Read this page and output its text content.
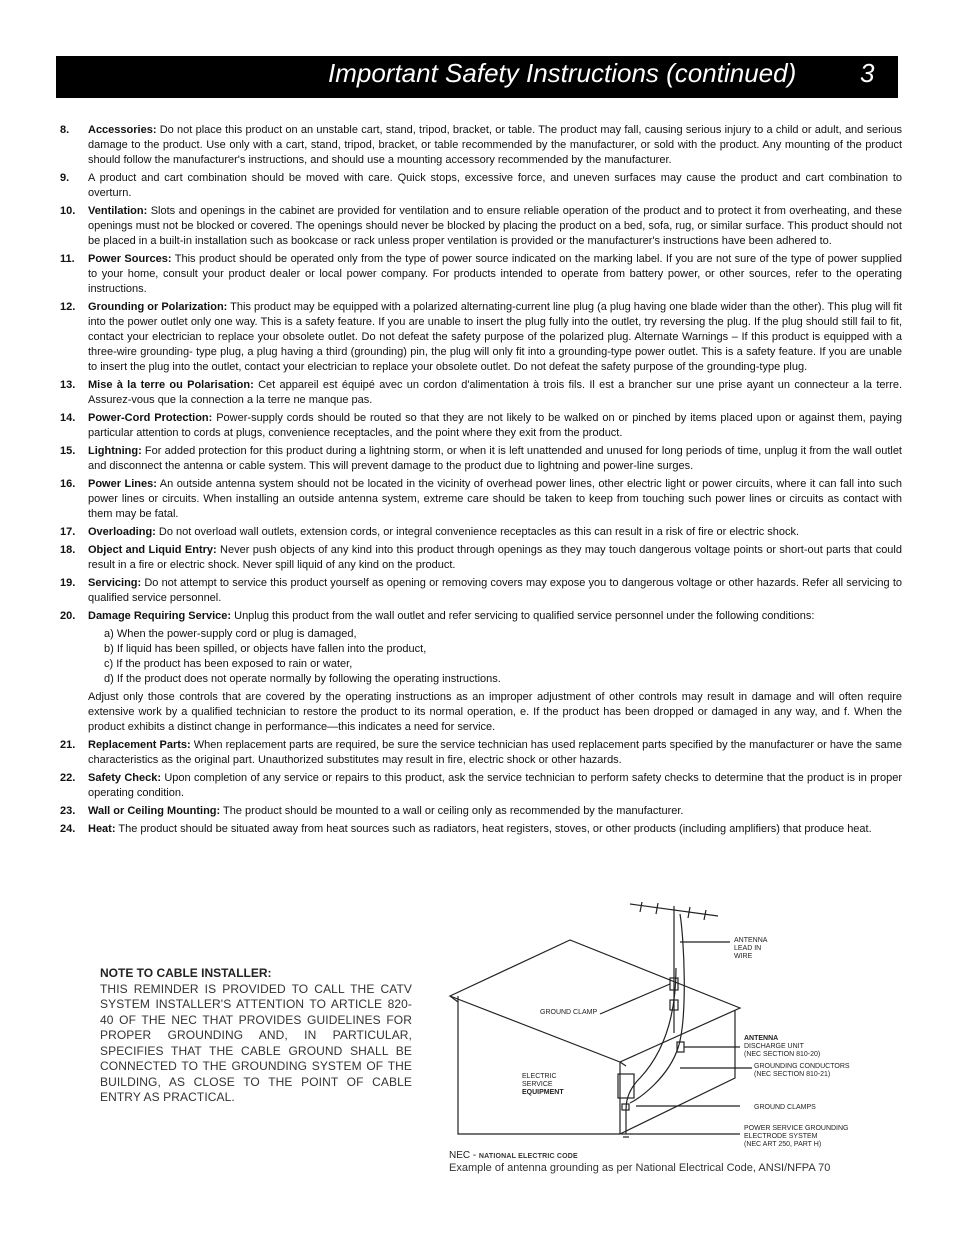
Important Safety Instructions (continued) 3
8. Accessories: Do not place this product on an unstable cart, stand, tripod, bracket, or table. The product may fall, causing serious injury to a child or adult, and serious damage to the product. Use only with a cart, stand, tripod, bracket, or table recommended by the manufacturer, or sold with the product. Any mounting of the product should follow the manufacturer's instructions, and should use a mounting accessory recommended by the manufacturer.
9. A product and cart combination should be moved with care. Quick stops, excessive force, and uneven surfaces may cause the product and cart combination to overturn.
10. Ventilation: Slots and openings in the cabinet are provided for ventilation and to ensure reliable operation of the product and to protect it from overheating, and these openings must not be blocked or covered. The openings should never be blocked by placing the product on a bed, sofa, rug, or similar surface. This product should not be placed in a built-in installation such as bookcase or rack unless proper ventilation is provided or the manufacturer's instructions have been adhered to.
11. Power Sources: This product should be operated only from the type of power source indicated on the marking label. If you are not sure of the type of power supplied to your home, consult your product dealer or local power company. For products intended to operate from battery power, or other sources, refer to the operating instructions.
12. Grounding or Polarization: This product may be equipped with a polarized alternating-current line plug (a plug having one blade wider than the other). This plug will fit into the power outlet only one way. This is a safety feature. If you are unable to insert the plug fully into the outlet, try reversing the plug. If the plug should still fail to fit, contact your electrician to replace your obsolete outlet. Do not defeat the safety purpose of the polarized plug. Alternate Warnings – If this product is equipped with a three-wire grounding- type plug, a plug having a third (grounding) pin, the plug will only fit into a grounding-type power outlet. This is a safety feature. If you are unable to insert the plug into the outlet, contact your electrician to replace your obsolete outlet. Do not defeat the safety purpose of the grounding-type plug.
13. Mise à la terre ou Polarisation: Cet appareil est équipé avec un cordon d'alimentation à trois fils. Il est a brancher sur une prise ayant un connecteur a la terre. Assurez-vous que la connection a la terre ne manque pas.
14. Power-Cord Protection: Power-supply cords should be routed so that they are not likely to be walked on or pinched by items placed upon or against them, paying particular attention to cords at plugs, convenience receptacles, and the point where they exit from the product.
15. Lightning: For added protection for this product during a lightning storm, or when it is left unattended and unused for long periods of time, unplug it from the wall outlet and disconnect the antenna or cable system. This will prevent damage to the product due to lightning and power-line surges.
16. Power Lines: An outside antenna system should not be located in the vicinity of overhead power lines, other electric light or power circuits, where it can fall into such power lines or circuits. When installing an outside antenna system, extreme care should be taken to keep from touching such power lines or circuits as contact with them may be fatal.
17. Overloading: Do not overload wall outlets, extension cords, or integral convenience receptacles as this can result in a risk of fire or electric shock.
18. Object and Liquid Entry: Never push objects of any kind into this product through openings as they may touch dangerous voltage points or short-out parts that could result in a fire or electric shock. Never spill liquid of any kind on the product.
19. Servicing: Do not attempt to service this product yourself as opening or removing covers may expose you to dangerous voltage or other hazards. Refer all servicing to qualified service personnel.
20. Damage Requiring Service: Unplug this product from the wall outlet and refer servicing to qualified service personnel under the following conditions:
a) When the power-supply cord or plug is damaged,
b) If liquid has been spilled, or objects have fallen into the product,
c) If the product has been exposed to rain or water,
d) If the product does not operate normally by following the operating instructions.
Adjust only those controls that are covered by the operating instructions as an improper adjustment of other controls may result in damage and will often require extensive work by a qualified technician to restore the product to its normal operation, e. If the product has been dropped or damaged in any way, and f. When the product exhibits a distinct change in performance—this indicates a need for service.
21. Replacement Parts: When replacement parts are required, be sure the service technician has used replacement parts specified by the manufacturer or have the same characteristics as the original part. Unauthorized substitutes may result in fire, electric shock or other hazards.
22. Safety Check: Upon completion of any service or repairs to this product, ask the service technician to perform safety checks to determine that the product is in proper operating condition.
23. Wall or Ceiling Mounting: The product should be mounted to a wall or ceiling only as recommended by the manufacturer.
24. Heat: The product should be situated away from heat sources such as radiators, heat registers, stoves, or other products (including amplifiers) that produce heat.
NOTE TO CABLE INSTALLER:
THIS REMINDER IS PROVIDED TO CALL THE CATV SYSTEM INSTALLER'S ATTENTION TO ARTICLE 820-40 OF THE NEC THAT PROVIDES GUIDELINES FOR PROPER GROUNDING AND, IN PARTICULAR, SPECIFIES THAT THE CABLE GROUND SHALL BE CONNECTED TO THE GROUNDING SYSTEM OF THE BUILDING, AS CLOSE TO THE POINT OF CABLE ENTRY AS PRACTICAL.
ANTENNA LEAD IN WIRE
GROUND CLAMP
ANTENNA DISCHARGE UNIT (NEC SECTION 810-20)
GROUNDING CONDUCTORS (NEC SECTION 810-21)
ELECTRIC SERVICE EQUIPMENT
GROUND CLAMPS
POWER SERVICE GROUNDING ELECTRODE SYSTEM (NEC ART 250, PART H)
NEC - NATIONAL ELECTRIC CODE
Example of antenna grounding as per National Electrical Code, ANSI/NFPA 70
